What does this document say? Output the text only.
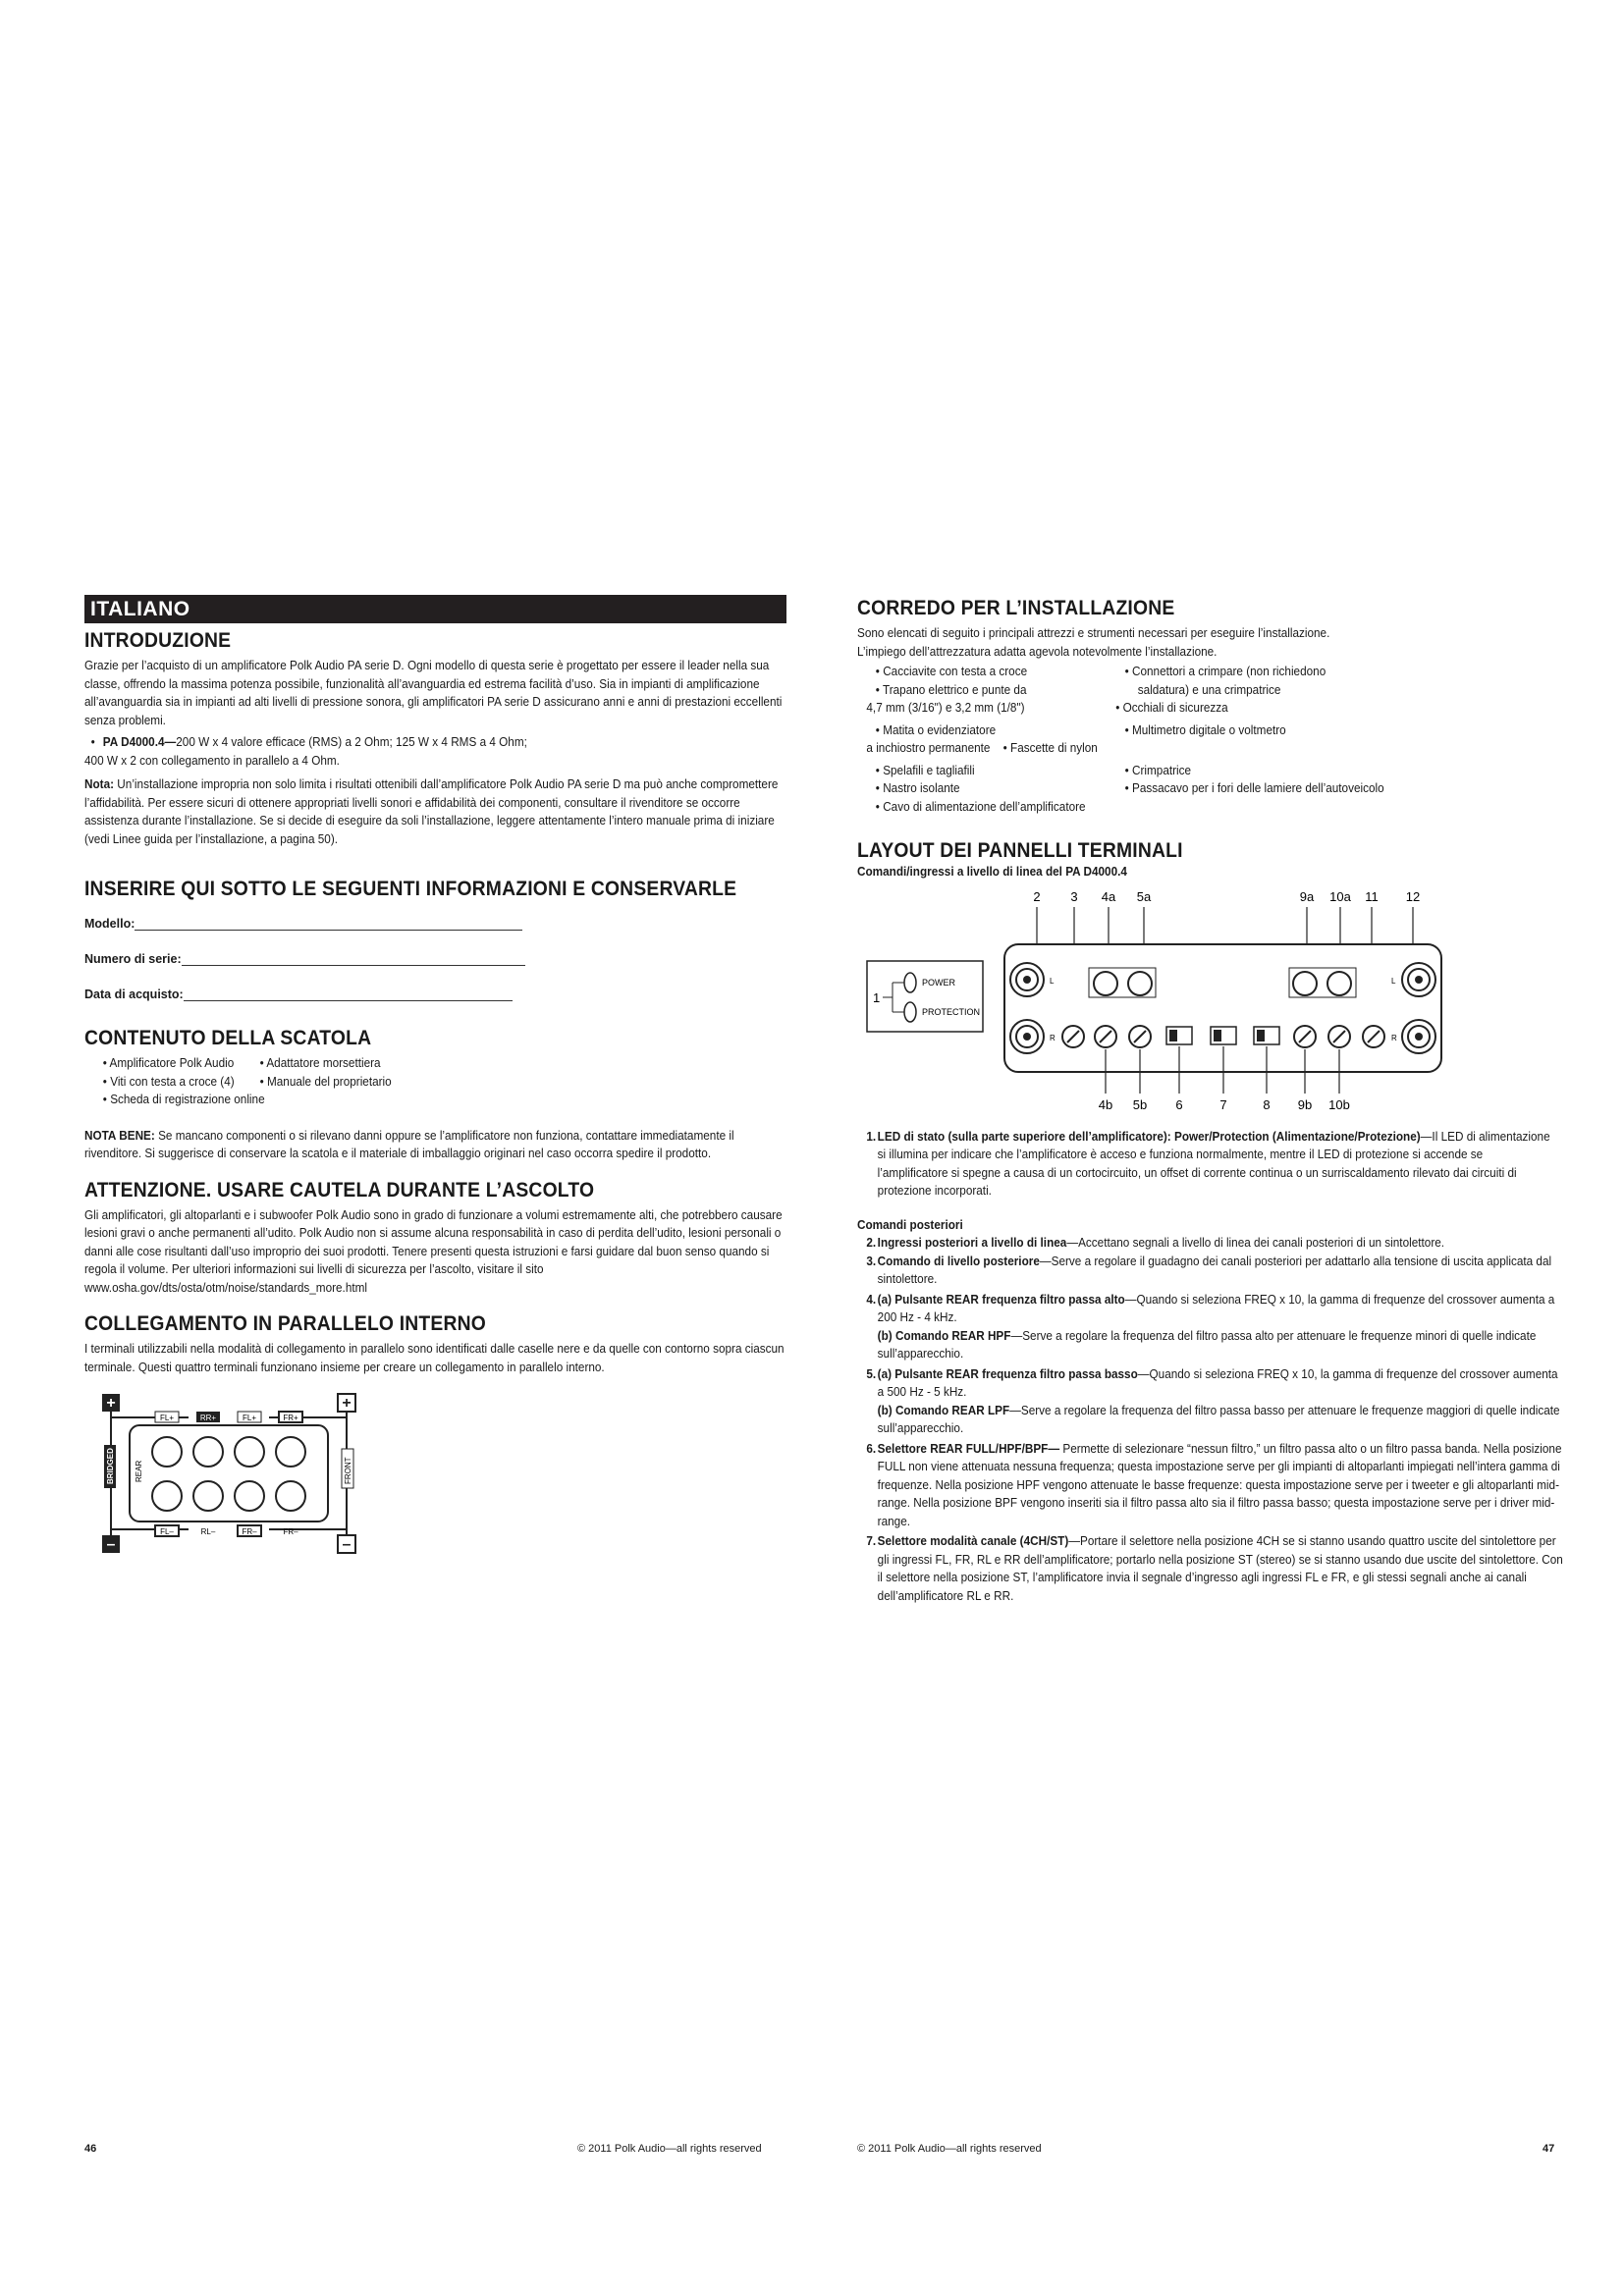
ITALIANO
INTRODUZIONE

Grazie per l’acquisto di un amplificatore Polk Audio PA serie D. Ogni modello di questa serie è progettato per essere il leader nella sua classe, offrendo la massima potenza possibile, funzionalità all’avanguardia ed estrema facilità d’uso. Sia in impianti di amplificazione all’avanguardia sia in impianti ad alti livelli di pressione sonora, gli amplificatori PA serie D assicurano anni e anni di prestazioni eccellenti senza problemi.

• PA D4000.4—200 W x 4 valore efficace (RMS) a 2 Ohm; 125 W x 4 RMS a 4 Ohm;

400 W x 2 con collegamento in parallelo a 4 Ohm.

Nota: Un’installazione impropria non solo limita i risultati ottenibili dall’amplificatore Polk Audio PA serie D ma può anche compromettere l’affidabilità. Per essere sicuri di ottenere appropriati livelli sonori e affidabilità dei componenti, consultare il rivenditore se occorre assistenza durante l’installazione. Se si decide di eseguire da soli l’installazione, leggere attentamente l’intero manuale prima di iniziare (vedi Linee guida per l’installazione, a pagina 50).

INSERIRE QUI SOTTO LE SEGUENTI INFORMAZIONI E CONSERVARLE
Modello:
Numero di serie:
Data di acquisto:
CONTENUTO DELLA SCATOLA
• Amplificatore Polk Audio • Adattatore morsettiera
• Viti con testa a croce (4) • Manuale del proprietario
• Scheda di registrazione online

NOTA BENE: Se mancano componenti o si rilevano danni oppure se l’amplificatore non funziona, contattare immediatamente il rivenditore. Si suggerisce di conservare la scatola e il materiale di imballaggio originari nel caso occorra spedire il prodotto.

ATTENZIONE. USARE CAUTELA DURANTE L’ASCOLTO

Gli amplificatori, gli altoparlanti e i subwoofer Polk Audio sono in grado di funzionare a volumi estremamente alti, che potrebbero causare lesioni gravi o anche permanenti all’udito. Polk Audio non si assume alcuna responsabilità in caso di perdita dell’udito, lesioni personali o danni alle cose risultanti dall’uso improprio dei suoi prodotti. Tenere presenti questa istruzioni e farsi guidare dal buon senso quando si regola il volume. Per ulteriori informazioni sui livelli di sicurezza per l’ascolto, visitare il sito www.osha.gov/dts/osta/otm/noise/standards_more.html

COLLEGAMENTO IN PARALLELO INTERNO

I terminali utilizzabili nella modalità di collegamento in parallelo sono identificati dalle caselle nere e da quelle con contorno sopra ciascun terminale. Questi quattro terminali funzionano insieme per creare un collegamento in parallelo interno.

+	+
–	–
FL+	RR+	FL+	FR+
FL–	RL–	FR–	FR–
BRIDGED	REAR	FRONT
CORREDO PER L’INSTALLAZIONE

Sono elencati di seguito i principali attrezzi e strumenti necessari per eseguire l’installazione.

L’impiego dell’attrezzatura adatta agevola notevolmente l’installazione.

• Cacciavite con testa a croce	• Connettori a crimpare (non richiedono
• Trapano elettrico e punte da	saldatura) e una crimpatrice
4,7 mm (3/16") e 3,2 mm (1/8")	• Occhiali di sicurezza
• Matita o evidenziatore	• Multimetro digitale o voltmetro
a inchiostro permanente • Fascette di nylon
• Spelafili e tagliafili	• Crimpatrice
• Nastro isolante	• Passacavo per i fori delle lamiere dell’autoveicolo
• Cavo di alimentazione dell’amplificatore
LAYOUT DEI PANNELLI TERMINALI

Comandi/ingressi a livello di linea del PA D4000.4

2 3 4a 5a	9a 10a 11 12
1
POWER
PROTECTION
L
R
L
R
4b 5b 6	7	8 9b 10b
1. LED di stato (sulla parte superiore dell’amplificatore): Power/Protection (Alimentazione/Protezione)—Il LED di alimentazione si illumina per indicare che l’amplificatore è acceso e funziona normalmente, mentre il LED di protezione si accende se l’amplificatore si spegne a causa di un cortocircuito, un offset di corrente continua o un surriscaldamento rilevato dai circuiti di protezione incorporati.

Comandi posteriori

2. Ingressi posteriori a livello di linea—Accettano segnali a livello di linea dei canali posteriori di un sintolettore.
3. Comando di livello posteriore—Serve a regolare il guadagno dei canali posteriori per adattarlo alla tensione di uscita applicata dal sintolettore.
4. (a) Pulsante REAR frequenza filtro passa alto—Quando si seleziona FREQ x 10, la gamma di frequenze del crossover aumenta a 200 Hz - 4 kHz.
(b) Comando REAR HPF—Serve a regolare la frequenza del filtro passa alto per attenuare le frequenze minori di quelle indicate sull’apparecchio.
5. (a) Pulsante REAR frequenza filtro passa basso—Quando si seleziona FREQ x 10, la gamma di frequenze del crossover aumenta a 500 Hz - 5 kHz.
(b) Comando REAR LPF—Serve a regolare la frequenza del filtro passa basso per attenuare le frequenze maggiori di quelle indicate sull’apparecchio.
6. Selettore REAR FULL/HPF/BPF— Permette di selezionare “nessun filtro,” un filtro passa alto o un filtro passa banda. Nella posizione FULL non viene attenuata nessuna frequenza; questa impostazione serve per gli impianti di altoparlanti impiegati nell’intera gamma di frequenze. Nella posizione HPF vengono attenuate le basse frequenze: questa impostazione serve per i tweeter e gli altoparlanti mid-range. Nella posizione BPF vengono inseriti sia il filtro passa alto sia il filtro passa basso; questa impostazione serve per i driver mid-range.
7. Selettore modalità canale (4CH/ST)—Portare il selettore nella posizione 4CH se si stanno usando quattro uscite del sintolettore per gli ingressi FL, FR, RL e RR dell’amplificatore; portarlo nella posizione ST (stereo) se si stanno usando due uscite del sintolettore. Con il selettore nella posizione ST, l’amplificatore invia il segnale d’ingresso agli ingressi FL e FR, e gli stessi segnali anche ai canali dell’amplificatore RL e RR.
46	© 2011 Polk Audio—all rights reserved	© 2011 Polk Audio—all rights reserved	47
